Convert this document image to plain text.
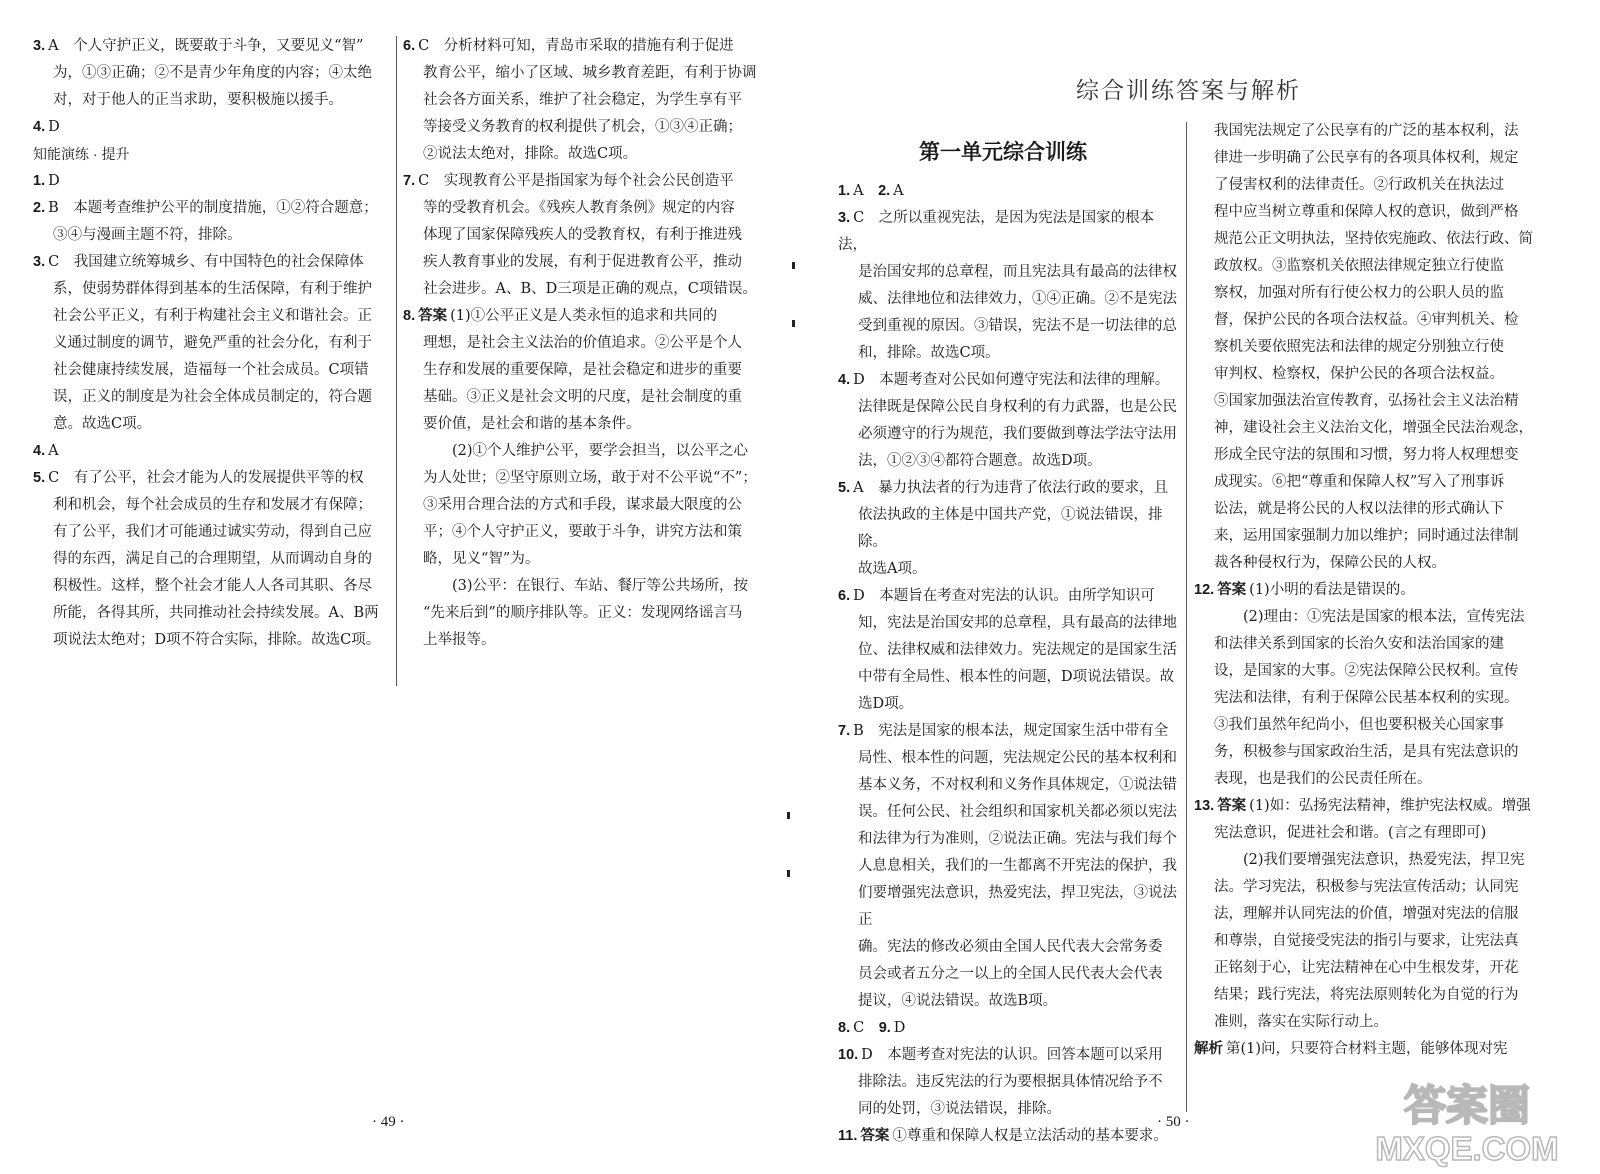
3. A　个人守护正义，既要敢于斗争，又要见义“智”

为，①③正确；②不是青少年角度的内容；④太绝

对，对于他人的正当求助，要积极施以援手。

4. D

知能演练 · 提升

1. D

2. B　本题考查维护公平的制度措施，①②符合题意；

③④与漫画主题不符，排除。

3. C　我国建立统筹城乡、有中国特色的社会保障体

系，使弱势群体得到基本的生活保障，有利于维护

社会公平正义，有利于构建社会主义和谐社会。正

义通过制度的调节，避免严重的社会分化，有利于

社会健康持续发展，造福每一个社会成员。C项错

误，正义的制度是为社会全体成员制定的，符合题

意。故选C项。

4. A

5. C　有了公平，社会才能为人的发展提供平等的权

利和机会，每个社会成员的生存和发展才有保障；

有了公平，我们才可能通过诚实劳动，得到自己应

得的东西，满足自己的合理期望，从而调动自身的

积极性。这样，整个社会才能人人各司其职、各尽

所能，各得其所，共同推动社会持续发展。A、B两

项说法太绝对；D项不符合实际，排除。故选C项。

6. C　分析材料可知，青岛市采取的措施有利于促进

教育公平，缩小了区域、城乡教育差距，有利于协调

社会各方面关系，维护了社会稳定，为学生享有平

等接受义务教育的权利提供了机会，①③④正确；

②说法太绝对，排除。故选C项。

7. C　实现教育公平是指国家为每个社会公民创造平

等的受教育机会。《残疾人教育条例》规定的内容

体现了国家保障残疾人的受教育权，有利于推进残

疾人教育事业的发展，有利于促进教育公平，推动

社会进步。A、B、D三项是正确的观点，C项错误。

8. 答案 (1)①公平正义是人类永恒的追求和共同的

理想，是社会主义法治的价值追求。②公平是个人

生存和发展的重要保障，是社会稳定和进步的重要

基础。③正义是社会文明的尺度，是社会制度的重

要价值，是社会和谐的基本条件。

(2)①个人维护公平，要学会担当，以公平之心

为人处世；②坚守原则立场，敢于对不公平说“不”；

③采用合理合法的方式和手段，谋求最大限度的公

平；④个人守护正义，要敢于斗争，讲究方法和策

略，见义“智”为。

(3)公平：在银行、车站、餐厅等公共场所，按

“先来后到”的顺序排队等。正义：发现网络谣言马

上举报等。

· 49 ·
综合训练答案与解析
第一单元综合训练

1. A　2. A

3. C　之所以重视宪法，是因为宪法是国家的根本法，

是治国安邦的总章程，而且宪法具有最高的法律权

威、法律地位和法律效力，①④正确。②不是宪法

受到重视的原因。③错误，宪法不是一切法律的总

和，排除。故选C项。

4. D　本题考查对公民如何遵守宪法和法律的理解。

法律既是保障公民自身权利的有力武器，也是公民

必须遵守的行为规范，我们要做到尊法学法守法用

法，①②③④都符合题意。故选D项。

5. A　暴力执法者的行为违背了依法行政的要求，且

依法执政的主体是中国共产党，①说法错误，排除。

故选A项。

6. D　本题旨在考查对宪法的认识。由所学知识可

知，宪法是治国安邦的总章程，具有最高的法律地

位、法律权威和法律效力。宪法规定的是国家生活

中带有全局性、根本性的问题，D项说法错误。故

选D项。

7. B　宪法是国家的根本法，规定国家生活中带有全

局性、根本性的问题，宪法规定公民的基本权利和

基本义务，不对权利和义务作具体规定，①说法错

误。任何公民、社会组织和国家机关都必须以宪法

和法律为行为准则，②说法正确。宪法与我们每个

人息息相关，我们的一生都离不开宪法的保护，我

们要增强宪法意识，热爱宪法，捍卫宪法，③说法正

确。宪法的修改必须由全国人民代表大会常务委

员会或者五分之一以上的全国人民代表大会代表

提议，④说法错误。故选B项。

8. C　9. D

10. D　本题考查对宪法的认识。回答本题可以采用

排除法。违反宪法的行为要根据具体情况给予不

同的处罚，③说法错误，排除。

11. 答案 ①尊重和保障人权是立法活动的基本要求。

我国宪法规定了公民享有的广泛的基本权利，法

律进一步明确了公民享有的各项具体权利，规定

了侵害权利的法律责任。②行政机关在执法过

程中应当树立尊重和保障人权的意识，做到严格

规范公正文明执法，坚持依宪施政、依法行政、简

政放权。③监察机关依照法律规定独立行使监

察权，加强对所有行使公权力的公职人员的监

督，保护公民的各项合法权益。④审判机关、检

察机关要依照宪法和法律的规定分别独立行使

审判权、检察权，保护公民的各项合法权益。

⑤国家加强法治宣传教育，弘扬社会主义法治精

神，建设社会主义法治文化，增强全民法治观念，

形成全民守法的氛围和习惯，努力将人权理想变

成现实。⑥把“尊重和保障人权”写入了刑事诉

讼法，就是将公民的人权以法律的形式确认下

来，运用国家强制力加以维护；同时通过法律制

裁各种侵权行为，保障公民的人权。

12. 答案 (1)小明的看法是错误的。

(2)理由：①宪法是国家的根本法，宣传宪法

和法律关系到国家的长治久安和法治国家的建

设，是国家的大事。②宪法保障公民权利。宣传

宪法和法律，有利于保障公民基本权利的实现。

③我们虽然年纪尚小，但也要积极关心国家事

务，积极参与国家政治生活，是具有宪法意识的

表现，也是我们的公民责任所在。

13. 答案 (1)如：弘扬宪法精神，维护宪法权威。增强

宪法意识，促进社会和谐。(言之有理即可)

(2)我们要增强宪法意识，热爱宪法，捍卫宪

法。学习宪法，积极参与宪法宣传活动；认同宪

法，理解并认同宪法的价值，增强对宪法的信服

和尊崇，自觉接受宪法的指引与要求，让宪法真

正铭刻于心，让宪法精神在心中生根发芽，开花

结果；践行宪法，将宪法原则转化为自觉的行为

准则，落实在实际行动上。

解析 第(1)问，只要符合材料主题，能够体现对宪

· 50 ·	答案圈
MXQE.COM
